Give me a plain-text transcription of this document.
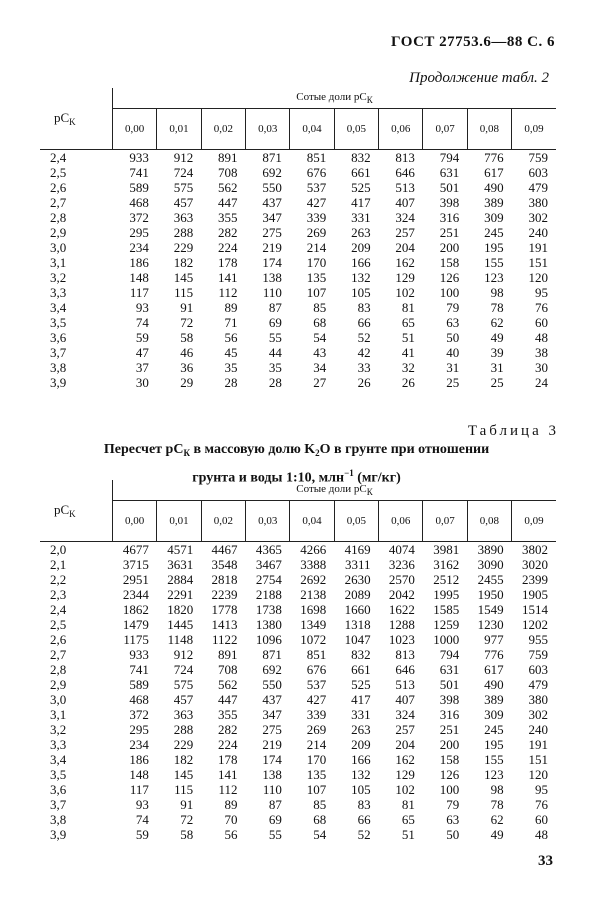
ГОСТ 27753.6—88 С. 6
Продолжение табл. 2
$pC_K$	Сотые доли $pC_К$
	0,00	0,01	0,02	0,03	0,04	0,05	0,06	0,07	0,08	0,09
2,4	933	912	891	871	851	832	813	794	776	759
2,5	741	724	708	692	676	661	646	631	617	603
2,6	589	575	562	550	537	525	513	501	490	479
2,7	468	457	447	437	427	417	407	398	389	380
2,8	372	363	355	347	339	331	324	316	309	302
2,9	295	288	282	275	269	263	257	251	245	240
3,0	234	229	224	219	214	209	204	200	195	191
3,1	186	182	178	174	170	166	162	158	155	151
3,2	148	145	141	138	135	132	129	126	123	120
3,3	117	115	112	110	107	105	102	100	98	95
3,4	93	91	89	87	85	83	81	79	78	76
3,5	74	72	71	69	68	66	65	63	62	60
3,6	59	58	56	55	54	52	51	50	49	48
3,7	47	46	45	44	43	42	41	40	39	38
3,8	37	36	35	35	34	33	32	31	31	30
3,9	30	29	28	28	27	26	26	25	25	24
Таблица 3
Пересчет $pC_К$ в массовую долю $K_2O$ в грунте при отношении
грунта и воды 1:10, млн$^{-1}$ (мг/кг)
$pC_K$	Сотые доли $pC_К$
	0,00	0,01	0,02	0,03	0,04	0,05	0,06	0,07	0,08	0,09
2,0	4677	4571	4467	4365	4266	4169	4074	3981	3890	3802
2,1	3715	3631	3548	3467	3388	3311	3236	3162	3090	3020
2,2	2951	2884	2818	2754	2692	2630	2570	2512	2455	2399
2,3	2344	2291	2239	2188	2138	2089	2042	1995	1950	1905
2,4	1862	1820	1778	1738	1698	1660	1622	1585	1549	1514
2,5	1479	1445	1413	1380	1349	1318	1288	1259	1230	1202
2,6	1175	1148	1122	1096	1072	1047	1023	1000	977	955
2,7	933	912	891	871	851	832	813	794	776	759
2,8	741	724	708	692	676	661	646	631	617	603
2,9	589	575	562	550	537	525	513	501	490	479
3,0	468	457	447	437	427	417	407	398	389	380
3,1	372	363	355	347	339	331	324	316	309	302
3,2	295	288	282	275	269	263	257	251	245	240
3,3	234	229	224	219	214	209	204	200	195	191
3,4	186	182	178	174	170	166	162	158	155	151
3,5	148	145	141	138	135	132	129	126	123	120
3,6	117	115	112	110	107	105	102	100	98	95
3,7	93	91	89	87	85	83	81	79	78	76
3,8	74	72	70	69	68	66	65	63	62	60
3,9	59	58	56	55	54	52	51	50	49	48
33
